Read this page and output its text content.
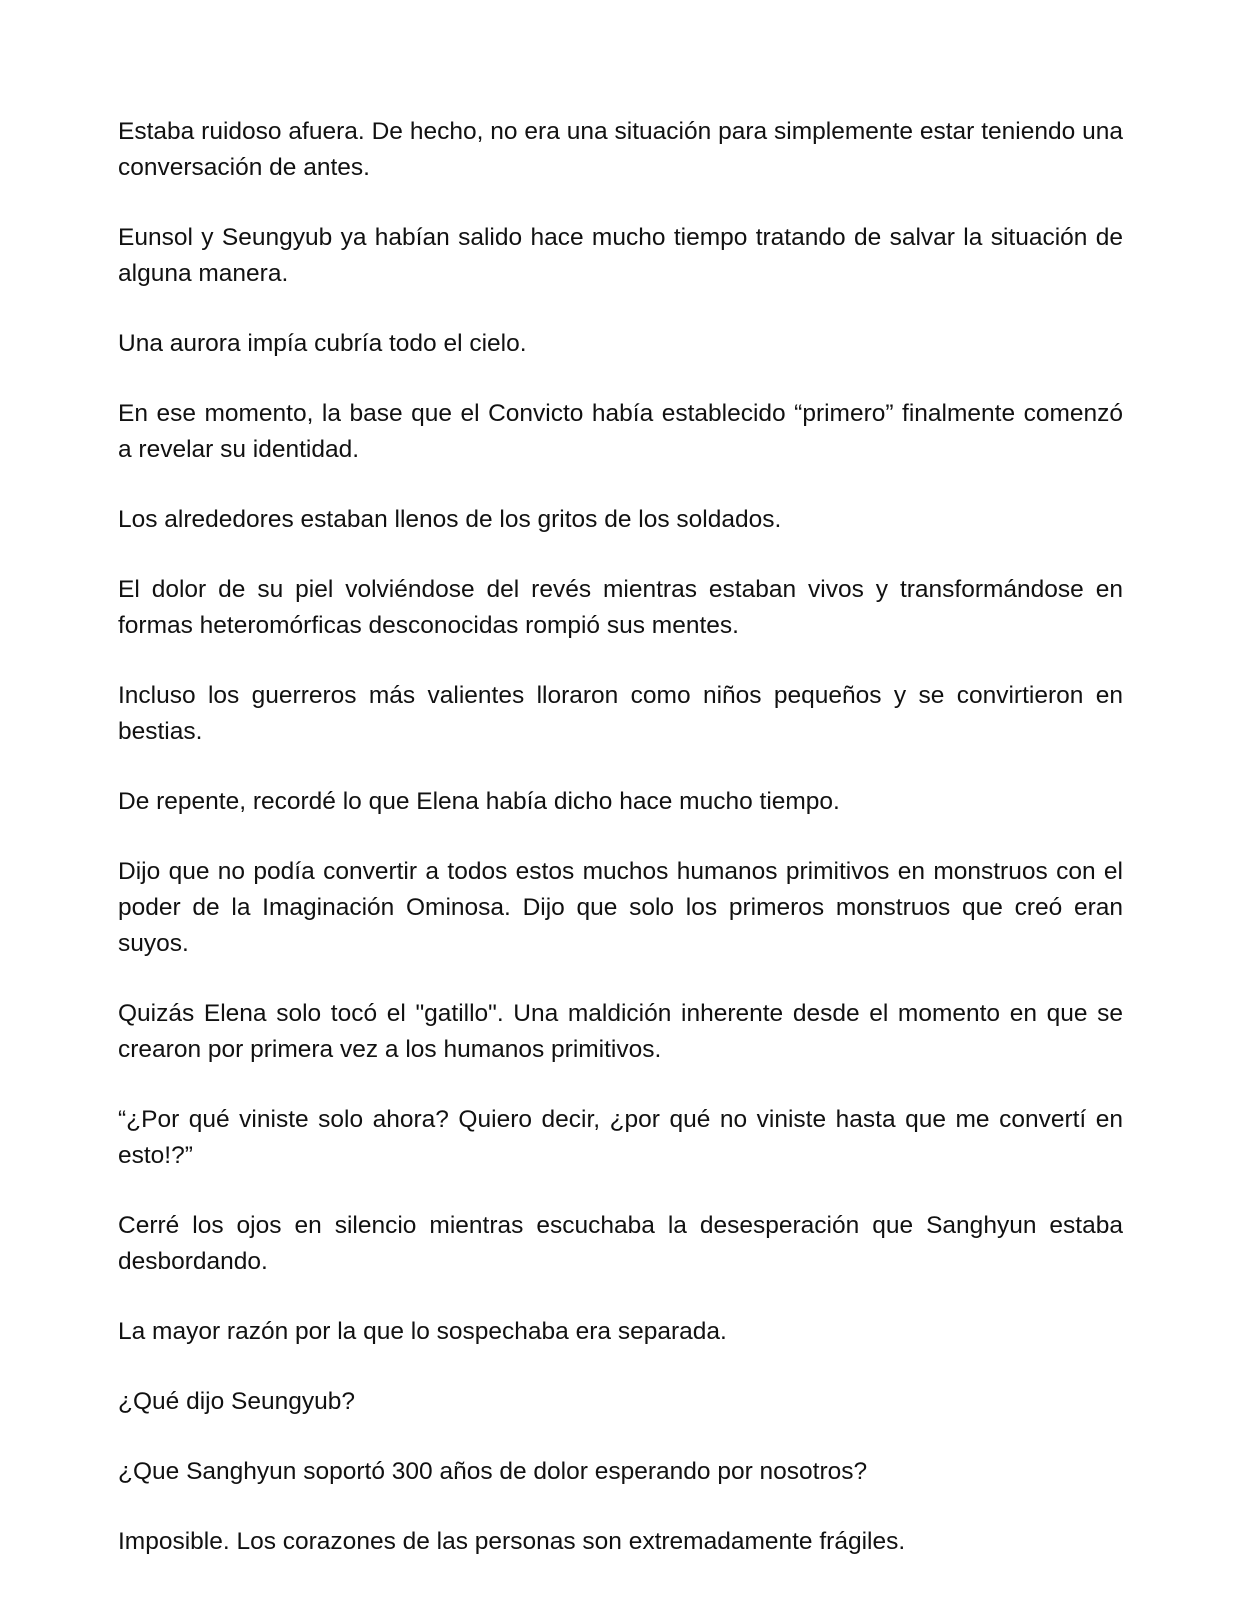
Estaba ruidoso afuera. De hecho, no era una situación para simplemente estar teniendo una conversación de antes.

Eunsol y Seungyub ya habían salido hace mucho tiempo tratando de salvar la situación de alguna manera.

Una aurora impía cubría todo el cielo.

En ese momento, la base que el Convicto había establecido “primero” finalmente comenzó a revelar su identidad.

Los alrededores estaban llenos de los gritos de los soldados.

El dolor de su piel volviéndose del revés mientras estaban vivos y transformándose en formas heteromórficas desconocidas rompió sus mentes.

Incluso los guerreros más valientes lloraron como niños pequeños y se convirtieron en bestias.

De repente, recordé lo que Elena había dicho hace mucho tiempo.

Dijo que no podía convertir a todos estos muchos humanos primitivos en monstruos con el poder de la Imaginación Ominosa. Dijo que solo los primeros monstruos que creó eran suyos.

Quizás Elena solo tocó el "gatillo". Una maldición inherente desde el momento en que se crearon por primera vez a los humanos primitivos.

“¿Por qué viniste solo ahora? Quiero decir, ¿por qué no viniste hasta que me convertí en esto!?”

Cerré los ojos en silencio mientras escuchaba la desesperación que Sanghyun estaba desbordando.

La mayor razón por la que lo sospechaba era separada.

¿Qué dijo Seungyub?

¿Que Sanghyun soportó 300 años de dolor esperando por nosotros?

Imposible. Los corazones de las personas son extremadamente frágiles.
